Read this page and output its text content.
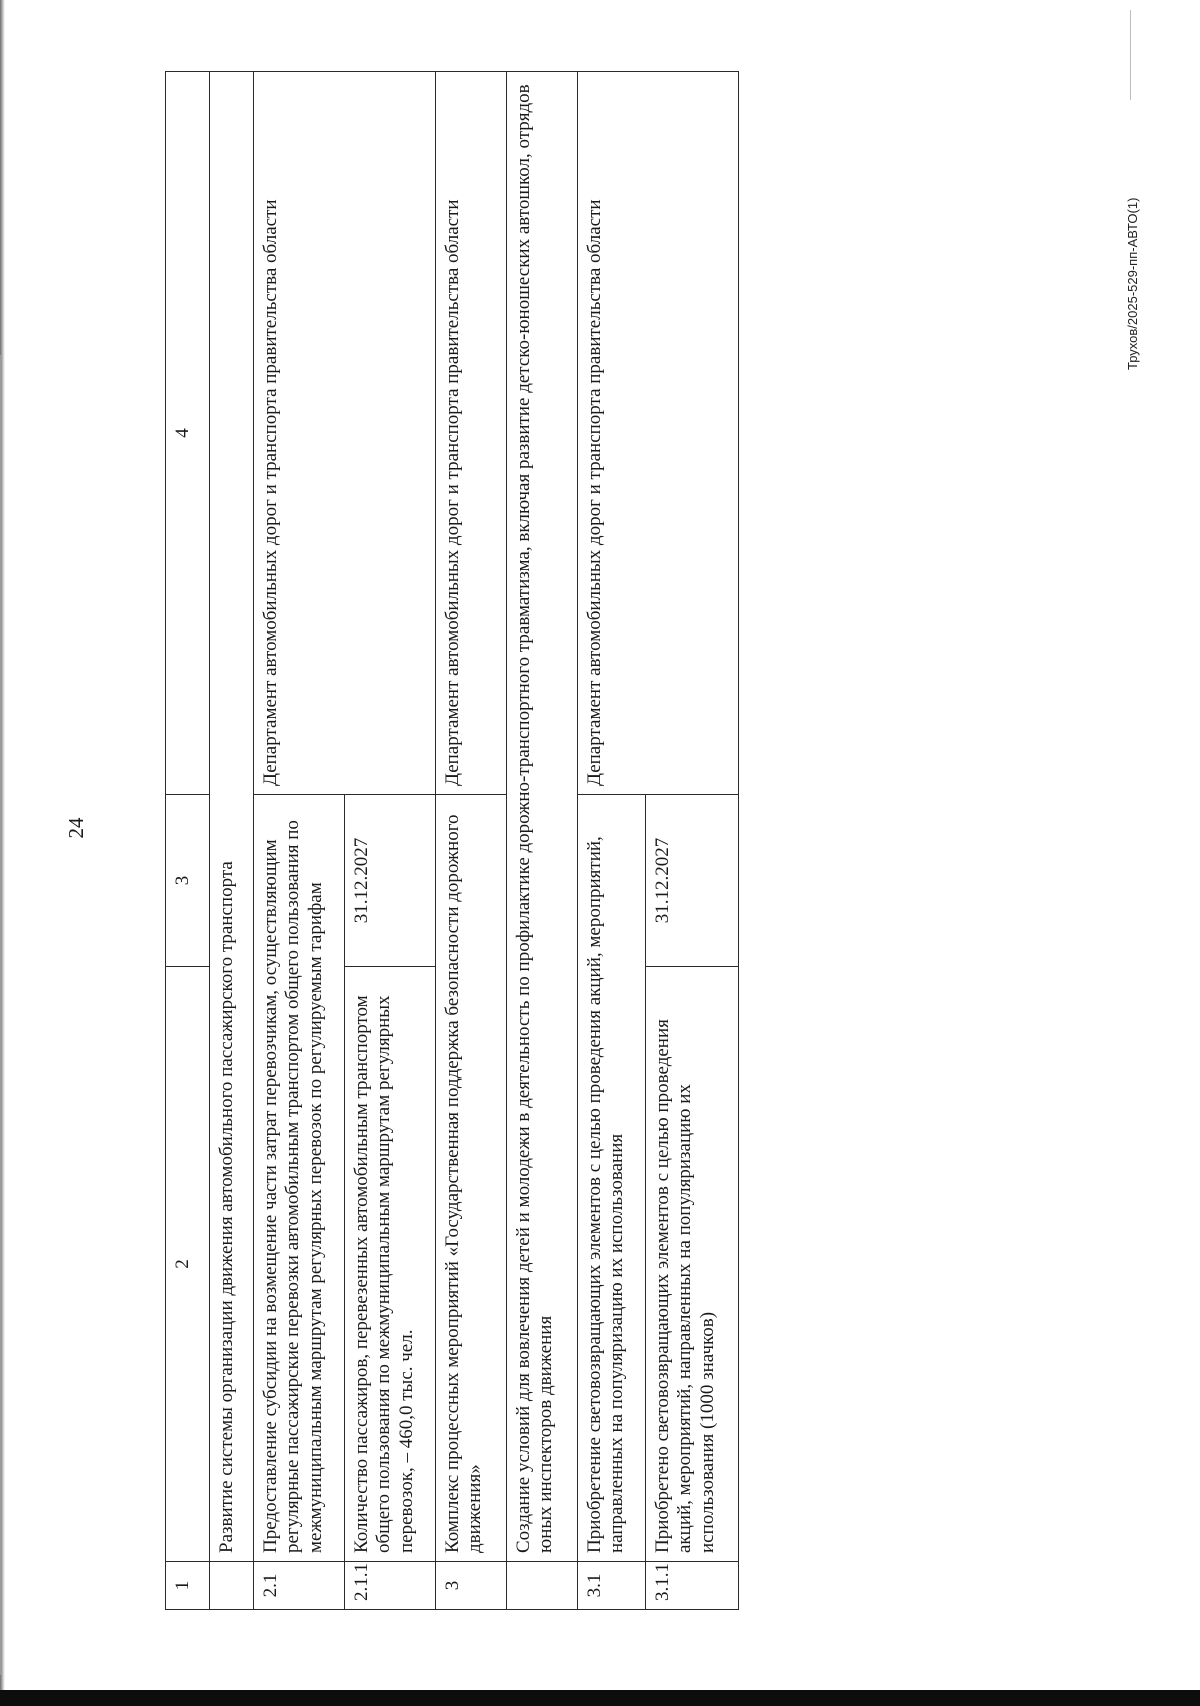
24
Трухов/2025-529-пп-АВТО(1)
1	2	3	4
	Развитие системы организации движения автомобильного пассажирского транспорта		
2.1	Предоставление субсидии на возмещение части затрат перевозчикам, осуществляющим регулярные пассажирские перевозки автомобильным транспортом общего пользования по межмуниципальным маршрутам регулярных перевозок по регулируемым тарифам		Департамент автомобильных дорог и транспорта правительства области
2.1.1	Количество пассажиров, перевезенных автомобильным транспортом общего пользования по межмуниципальным маршрутам регулярных перевозок, – 460,0 тыс. чел.	31.12.2027	
3	Комплекс процессных мероприятий «Государственная поддержка безопасности дорожного движения»		Департамент автомобильных дорог и транспорта правительства области
	Создание условий для вовлечения детей и молодежи в деятельность по профилактике дорожно-транспортного травматизма, включая развитие детско-юношеских автошкол, отрядов юных инспекторов движения		
3.1	Приобретение световозвращающих элементов с целью проведения акций, мероприятий, направленных на популяризацию их использования		Департамент автомобильных дорог и транспорта правительства области
3.1.1	Приобретено световозвращающих элементов с целью проведения акций, мероприятий, направленных на популяризацию их использования (1000 значков)	31.12.2027	
